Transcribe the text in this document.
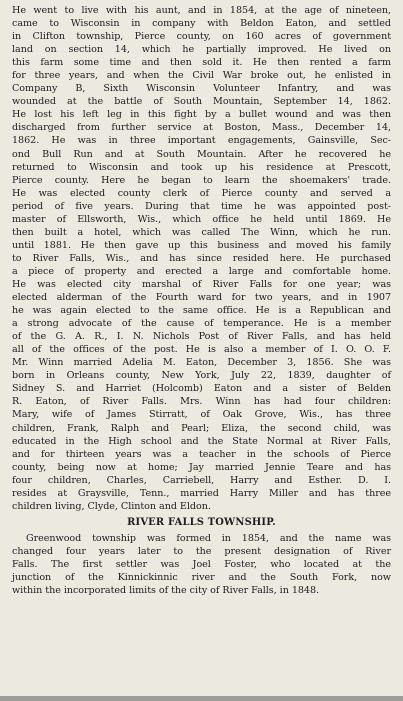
He went to live with his aunt, and in 1854, at the age of nineteen,
came to Wisconsin in company with Beldon Eaton, and settled
in Clifton township, Pierce county, on 160 acres of government
land on section 14, which he partially improved. He lived on
this farm some time and then sold it. He then rented a farm
for three years, and when the Civil War broke out, he enlisted in
Company B, Sixth Wisconsin Volunteer Infantry, and was
wounded at the battle of South Mountain, September 14, 1862.
He lost his left leg in this fight by a bullet wound and was then
discharged from further service at Boston, Mass., December 14,
1862. He was in three important engagements, Gainsville, Sec-
ond Bull Run and at South Mountain. After he recovered he
returned to Wisconsin and took up his residence at Prescott,
Pierce county. Here he began to learn the shoemakers' trade.
He was elected county clerk of Pierce county and served a
period of five years. During that time he was appointed post-
master of Ellsworth, Wis., which office he held until 1869. He
then built a hotel, which was called The Winn, which he run.
until 1881. He then gave up this business and moved his family
to River Falls, Wis., and has since resided here. He purchased
a piece of property and erected a large and comfortable home.
He was elected city marshal of River Falls for one year; was
elected alderman of the Fourth ward for two years, and in 1907
he was again elected to the same office. He is a Republican and
a strong advocate of the cause of temperance. He is a member
of the G. A. R., I. N. Nichols Post of River Falls, and has held
all of the offices of the post. He is also a member of I. O. O. F.
Mr. Winn married Adelia M. Eaton, December 3, 1856. She was
born in Orleans county, New York, July 22, 1839, daughter of
Sidney S. and Harriet (Holcomb) Eaton and a sister of Belden
R. Eaton, of River Falls. Mrs. Winn has had four children:
Mary, wife of James Stirratt, of Oak Grove, Wis., has three
children, Frank, Ralph and Pearl; Eliza, the second child, was
educated in the High school and the State Normal at River Falls,
and for thirteen years was a teacher in the schools of Pierce
county, being now at home; Jay married Jennie Teare and has
four children, Charles, Carriebell, Harry and Esther. D. I.
resides at Graysville, Tenn., married Harry Miller and has three
children living, Clyde, Clinton and Eldon.
RIVER FALLS TOWNSHIP.
Greenwood township was formed in 1854, and the name was
changed four years later to the present designation of River
Falls. The first settler was Joel Foster, who located at the
junction of the Kinnickinnic river and the South Fork, now
within the incorporated limits of the city of River Falls, in 1848.
